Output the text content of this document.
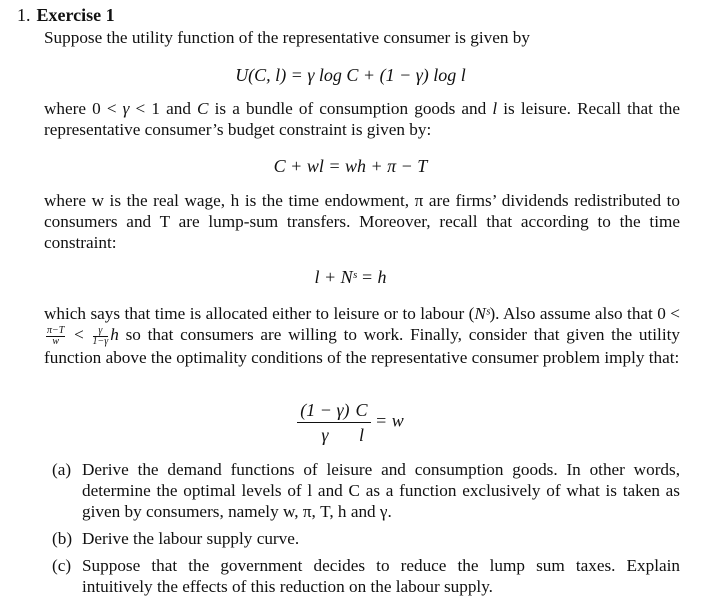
1. Exercise 1
Suppose the utility function of the representative consumer is given by
U(C, l) = γ log C + (1 − γ) log l
where 0 < γ < 1 and C is a bundle of consumption goods and l is leisure. Recall that the representative consumer’s budget constraint is given by:
C + wl = wh + π − T
where w is the real wage, h is the time endowment, π are firms’ dividends redistributed to consumers and T are lump-sum transfers. Moreover, recall that according to the time constraint:
l + Nˢ = h
which says that time is allocated either to leisure or to labour (Nˢ). Also assume also that 0 <
$\frac{\pi-T}{w} < \frac{\gamma}{1-\gamma}$ h so that consumers are willing to work. Finally, consider that given the utility function above the optimality conditions of the representative consumer problem imply that:
$\frac{(1 - \gamma)}{\gamma} \frac{C}{l} = w$
(a) Derive the demand functions of leisure and consumption goods. In other words, determine the optimal levels of l and C as a function exclusively of what is taken as given by consumers, namely w, π, T, h and γ.
(b) Derive the labour supply curve.
(c) Suppose that the government decides to reduce the lump sum taxes. Explain intuitively the effects of this reduction on the labour supply.
